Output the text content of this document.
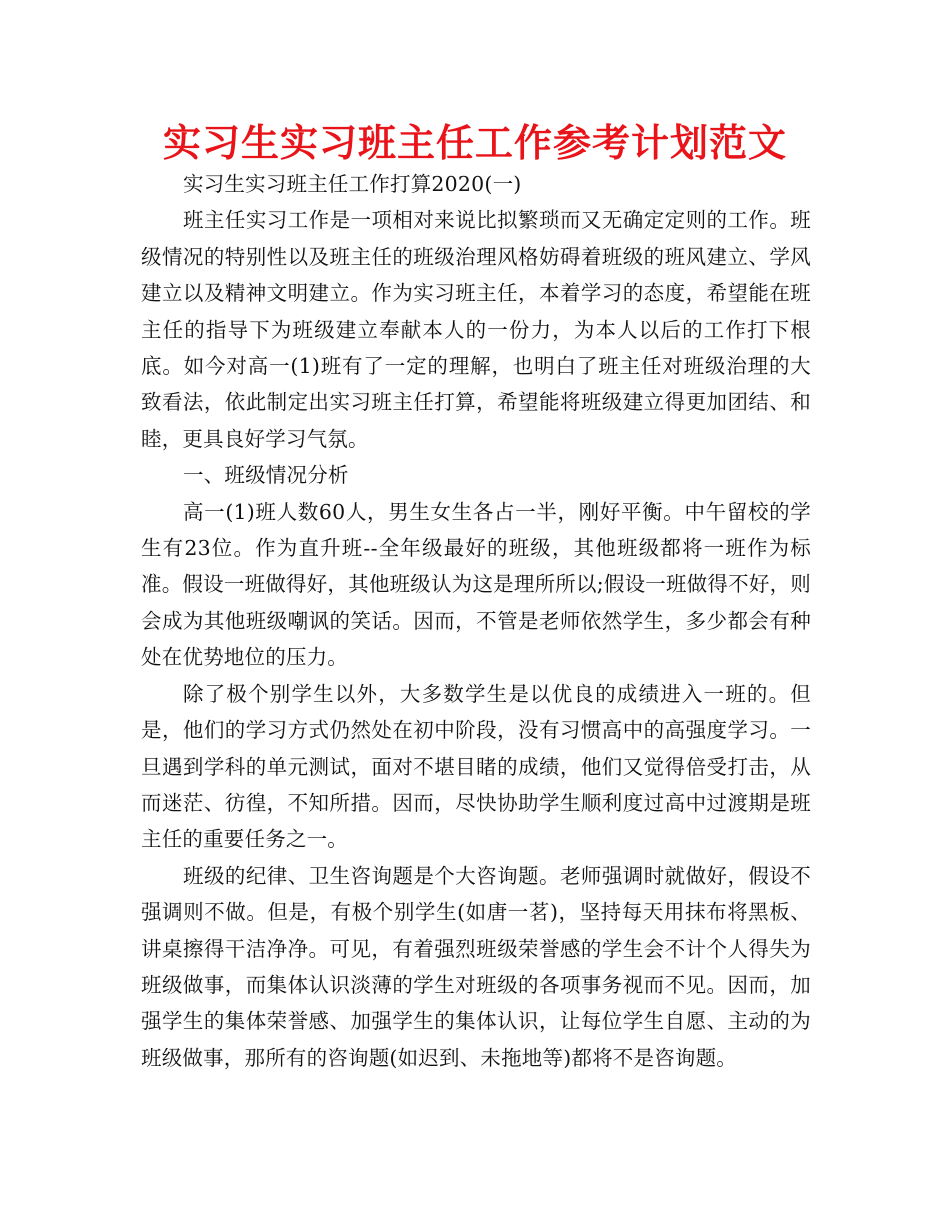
实习生实习班主任工作参考计划范文

实习生实习班主任工作打算2020(一)

班主任实习工作是一项相对来说比拟繁琐而又无确定定则的工作。班级情况的特别性以及班主任的班级治理风格妨碍着班级的班风建立、学风建立以及精神文明建立。作为实习班主任，本着学习的态度，希望能在班主任的指导下为班级建立奉献本人的一份力，为本人以后的工作打下根底。如今对高一(1)班有了一定的理解，也明白了班主任对班级治理的大致看法，依此制定出实习班主任打算，希望能将班级建立得更加团结、和睦，更具良好学习气氛。

一、班级情况分析

高一(1)班人数60人，男生女生各占一半，刚好平衡。中午留校的学生有23位。作为直升班--全年级最好的班级，其他班级都将一班作为标准。假设一班做得好，其他班级认为这是理所所以;假设一班做得不好，则会成为其他班级嘲讽的笑话。因而，不管是老师依然学生，多少都会有种处在优势地位的压力。

除了极个别学生以外，大多数学生是以优良的成绩进入一班的。但是，他们的学习方式仍然处在初中阶段，没有习惯高中的高强度学习。一旦遇到学科的单元测试，面对不堪目睹的成绩，他们又觉得倍受打击，从而迷茫、彷徨，不知所措。因而，尽快协助学生顺利度过高中过渡期是班主任的重要任务之一。

班级的纪律、卫生咨询题是个大咨询题。老师强调时就做好，假设不强调则不做。但是，有极个别学生(如唐一茗)，坚持每天用抹布将黑板、讲桌擦得干洁净净。可见，有着强烈班级荣誉感的学生会不计个人得失为班级做事，而集体认识淡薄的学生对班级的各项事务视而不见。因而，加强学生的集体荣誉感、加强学生的集体认识，让每位学生自愿、主动的为班级做事，那所有的咨询题(如迟到、未拖地等)都将不是咨询题。
